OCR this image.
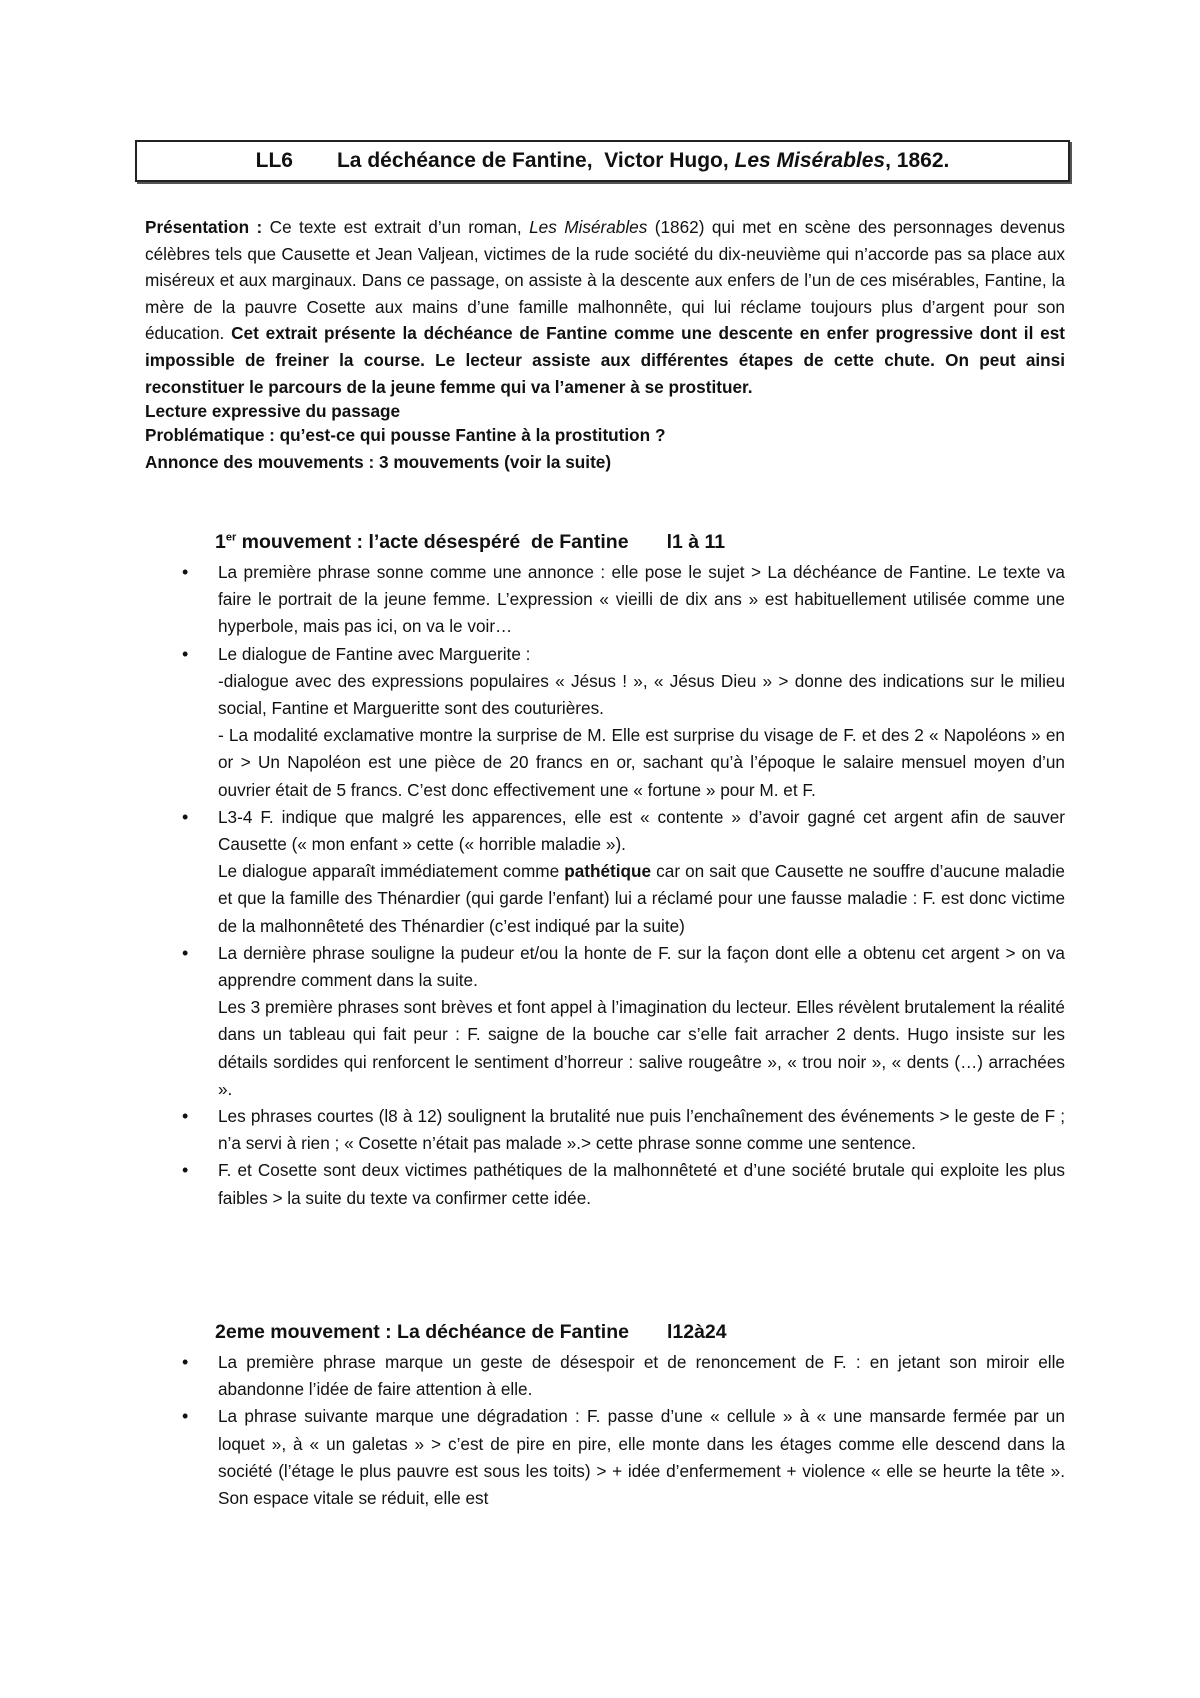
LL6 La déchéance de Fantine,  Victor Hugo, Les Misérables, 1862.

Présentation : Ce texte est extrait d’un roman, Les Misérables (1862) qui met en scène des personnages devenus célèbres tels que Causette et Jean Valjean, victimes de la rude société du dix-neuvième qui n’accorde pas sa place aux miséreux et aux marginaux. Dans ce passage, on assiste à la descente aux enfers de l’un de ces misérables, Fantine, la mère de la pauvre Cosette aux mains d’une famille malhonnête, qui lui réclame toujours plus d’argent pour son éducation. Cet extrait présente la déchéance de Fantine comme une descente en enfer progressive dont il est impossible de freiner la course. Le lecteur assiste aux différentes étapes de cette chute. On peut ainsi reconstituer le parcours de la jeune femme qui va l’amener à se prostituer.

Lecture expressive du passage

Problématique : qu’est-ce qui pousse Fantine à la prostitution ?

Annonce des mouvements : 3 mouvements (voir la suite)

1er mouvement : l’acte désespéré  de Fantine l1 à 11
• La première phrase sonne comme une annonce : elle pose le sujet > La déchéance de Fantine. Le texte va faire le portrait de la jeune femme. L’expression « vieilli de dix ans » est habituellement utilisée comme une hyperbole, mais pas ici, on va le voir…
• Le dialogue de Fantine avec Marguerite :
-dialogue avec des expressions populaires « Jésus ! », « Jésus Dieu » > donne des indications sur le milieu social, Fantine et Margueritte sont des couturières.
- La modalité exclamative montre la surprise de M. Elle est surprise du visage de F. et des 2 « Napoléons » en or > Un Napoléon est une pièce de 20 francs en or, sachant qu’à l’époque le salaire mensuel moyen d’un ouvrier était de 5 francs. C’est donc effectivement une « fortune » pour M. et F.
• L3-4 F. indique que malgré les apparences, elle est « contente » d’avoir gagné cet argent afin de sauver Causette (« mon enfant » cette (« horrible maladie »).
Le dialogue apparaît immédiatement comme pathétique car on sait que Causette ne souffre d’aucune maladie et que la famille des Thénardier (qui garde l’enfant) lui a réclamé pour une fausse maladie : F. est donc victime de la malhonnêteté des Thénardier (c’est indiqué par la suite)
• La dernière phrase souligne la pudeur et/ou la honte de F. sur la façon dont elle a obtenu cet argent > on va apprendre comment dans la suite.
Les 3 première phrases sont brèves et font appel à l’imagination du lecteur. Elles révèlent brutalement la réalité dans un tableau qui fait peur : F. saigne de la bouche car s’elle fait arracher 2 dents. Hugo insiste sur les détails sordides qui renforcent le sentiment d’horreur : salive rougeâtre », « trou noir », « dents (…) arrachées ».
• Les phrases courtes (l8 à 12) soulignent la brutalité nue puis l’enchaînement des événements > le geste de F ; n’a servi à rien ; « Cosette n’était pas malade ».> cette phrase sonne comme une sentence.
• F. et Cosette sont deux victimes pathétiques de la malhonnêteté et d’une société brutale qui exploite les plus faibles > la suite du texte va confirmer cette idée.
2eme mouvement : La déchéance de Fantine l12à24
• La première phrase marque un geste de désespoir et de renoncement de F. : en jetant son miroir elle abandonne l’idée de faire attention à elle.
• La phrase suivante marque une dégradation : F. passe d’une « cellule » à « une mansarde fermée par un loquet », à « un galetas » > c’est de pire en pire, elle monte dans les étages comme elle descend dans la société (l’étage le plus pauvre est sous les toits) > + idée d’enfermement + violence « elle se heurte la tête ». Son espace vitale se réduit, elle est
